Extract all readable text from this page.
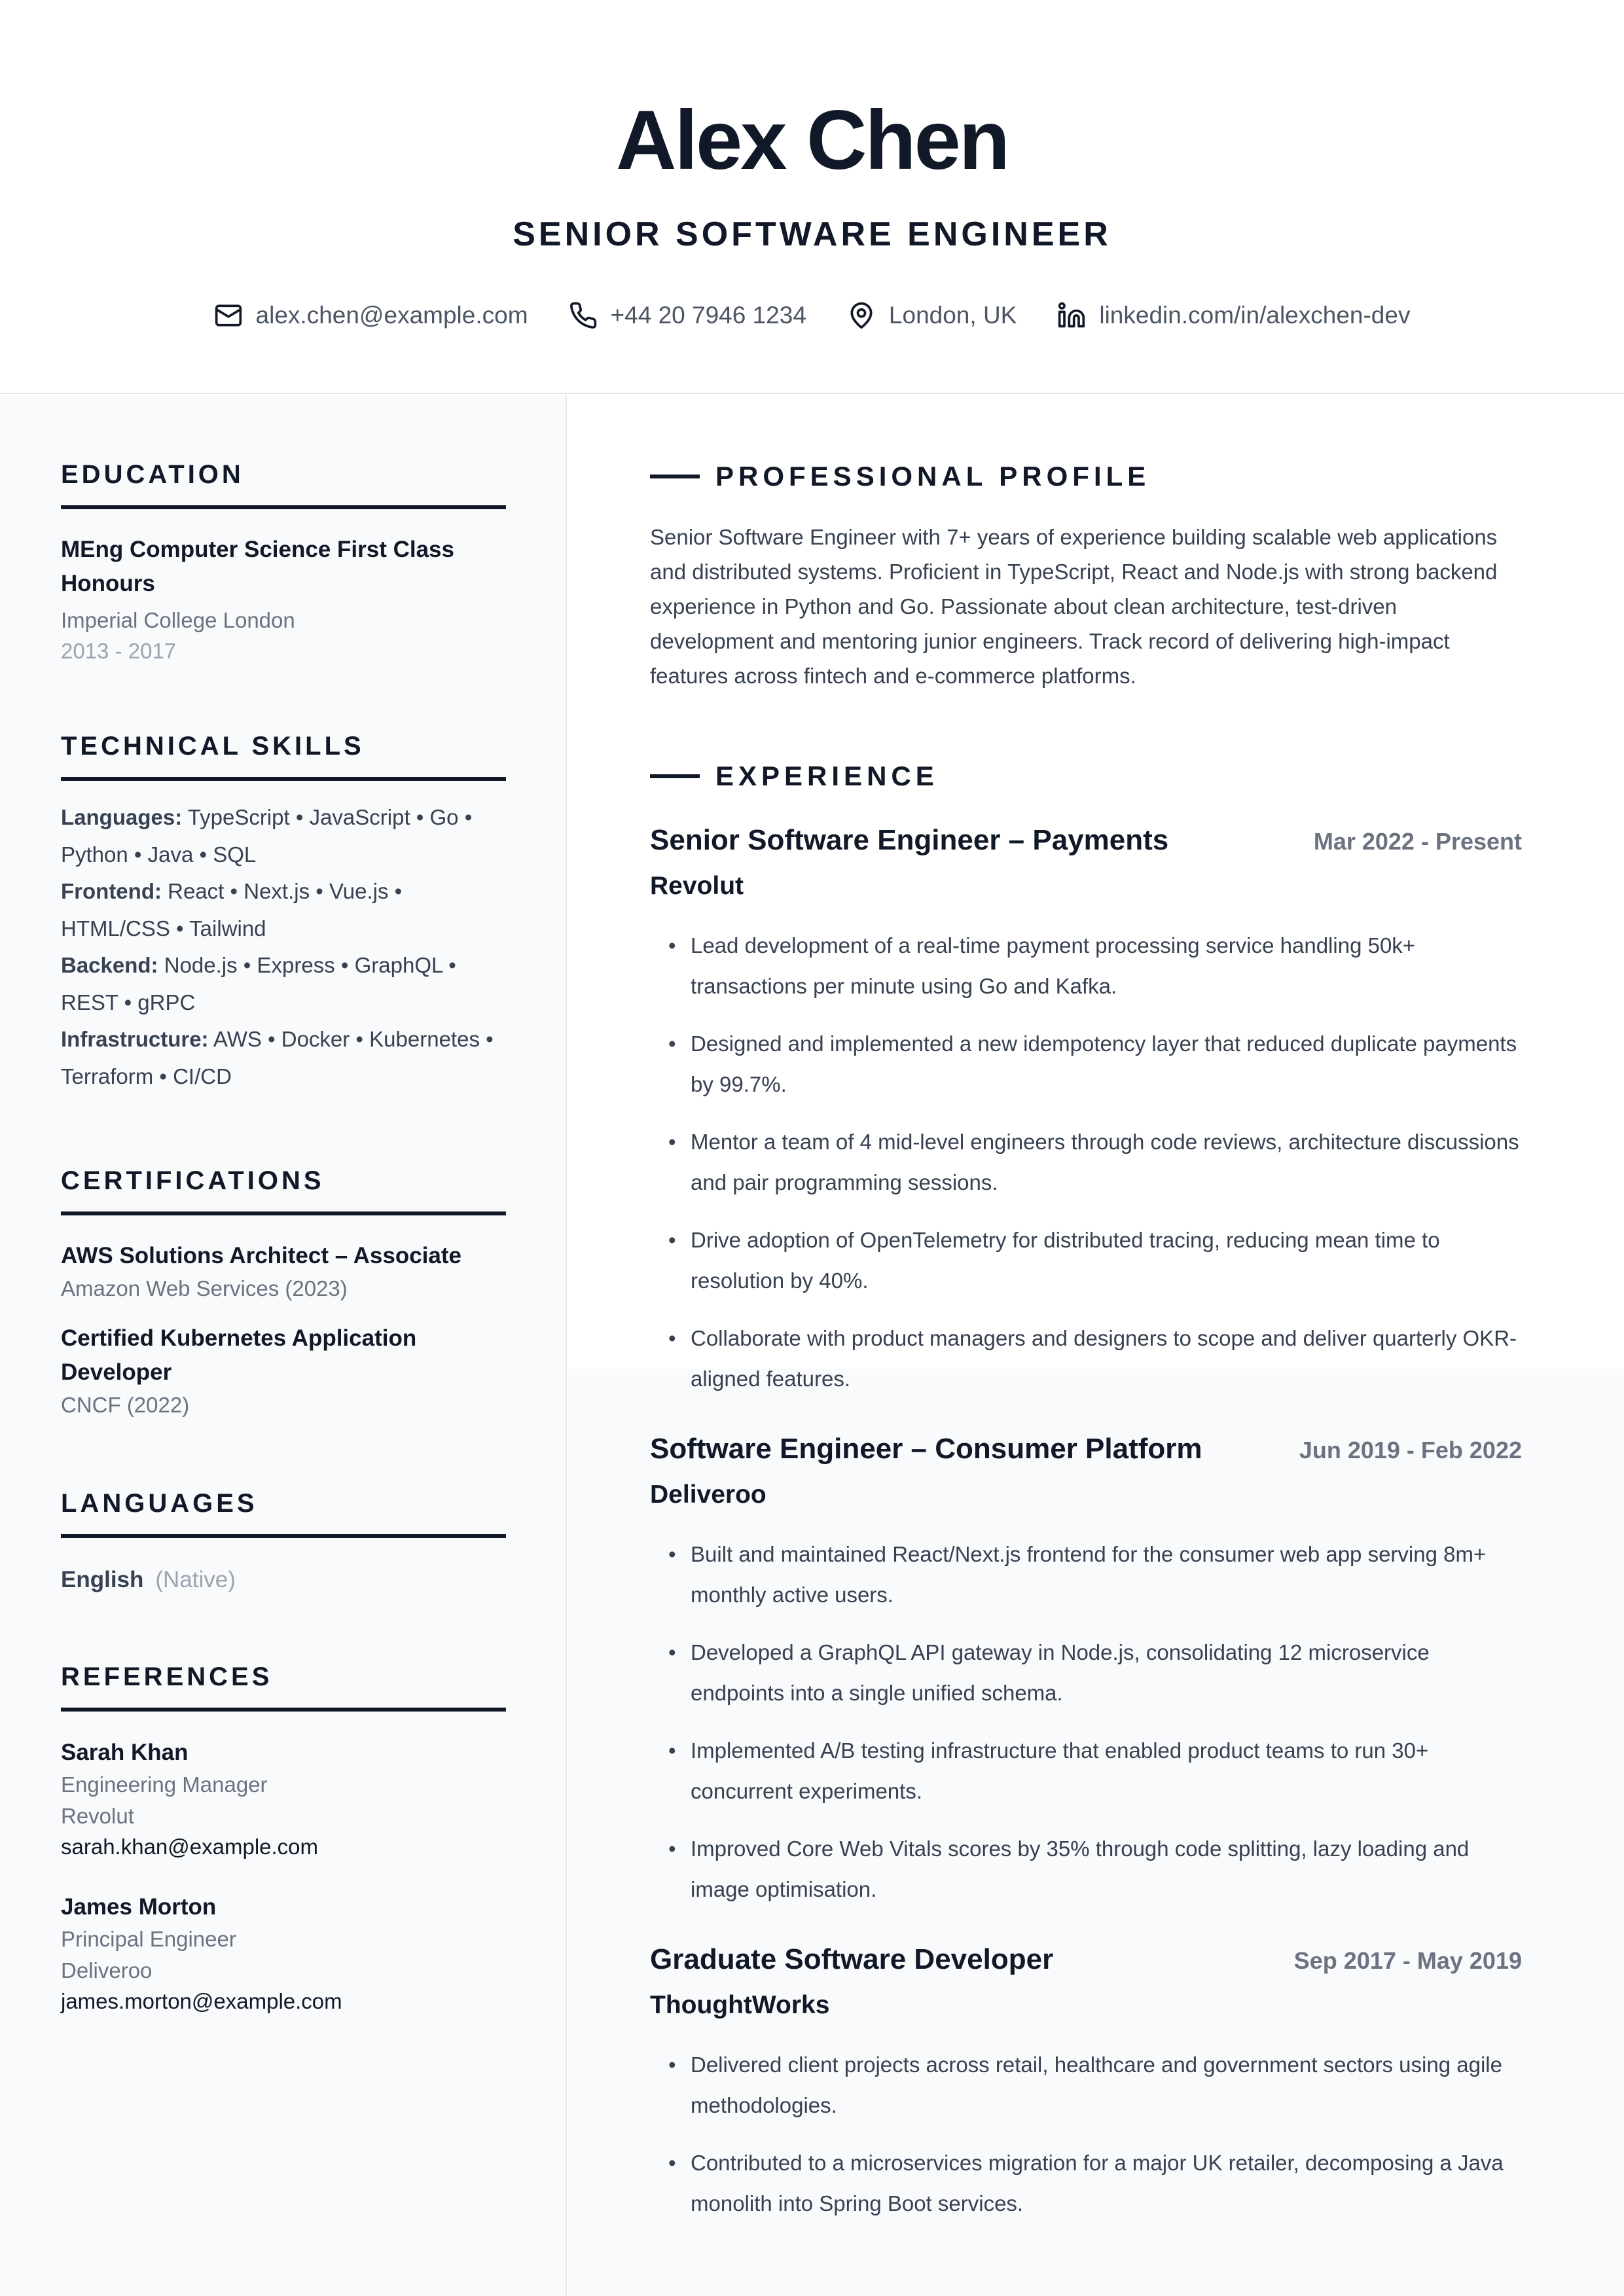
Alex Chen
SENIOR SOFTWARE ENGINEER
alex.chen@example.com	+44 20 7946 1234	London, UK	linkedin.com/in/alexchen-dev
EDUCATION
MEng Computer Science First Class Honours
Imperial College London
2013 - 2017
TECHNICAL SKILLS
Languages: TypeScript • JavaScript • Go • Python • Java • SQL
Frontend: React • Next.js • Vue.js • HTML/CSS • Tailwind
Backend: Node.js • Express • GraphQL • REST • gRPC
Infrastructure: AWS • Docker • Kubernetes • Terraform • CI/CD
CERTIFICATIONS
AWS Solutions Architect – Associate
Amazon Web Services (2023)
Certified Kubernetes Application Developer
CNCF (2022)
LANGUAGES
English (Native)
REFERENCES
Sarah Khan
Engineering Manager
Revolut
sarah.khan@example.com
James Morton
Principal Engineer
Deliveroo
james.morton@example.com
PROFESSIONAL PROFILE
Senior Software Engineer with 7+ years of experience building scalable web applications and distributed systems. Proficient in TypeScript, React and Node.js with strong backend experience in Python and Go. Passionate about clean architecture, test-driven development and mentoring junior engineers. Track record of delivering high-impact features across fintech and e-commerce platforms.
EXPERIENCE
Senior Software Engineer – Payments	Mar 2022 - Present
Revolut
• Lead development of a real-time payment processing service handling 50k+ transactions per minute using Go and Kafka.
• Designed and implemented a new idempotency layer that reduced duplicate payments by 99.7%.
• Mentor a team of 4 mid-level engineers through code reviews, architecture discussions and pair programming sessions.
• Drive adoption of OpenTelemetry for distributed tracing, reducing mean time to resolution by 40%.
• Collaborate with product managers and designers to scope and deliver quarterly OKR-aligned features.
Software Engineer – Consumer Platform	Jun 2019 - Feb 2022
Deliveroo
• Built and maintained React/Next.js frontend for the consumer web app serving 8m+ monthly active users.
• Developed a GraphQL API gateway in Node.js, consolidating 12 microservice endpoints into a single unified schema.
• Implemented A/B testing infrastructure that enabled product teams to run 30+ concurrent experiments.
• Improved Core Web Vitals scores by 35% through code splitting, lazy loading and image optimisation.
Graduate Software Developer	Sep 2017 - May 2019
ThoughtWorks
• Delivered client projects across retail, healthcare and government sectors using agile methodologies.
• Contributed to a microservices migration for a major UK retailer, decomposing a Java monolith into Spring Boot services.
